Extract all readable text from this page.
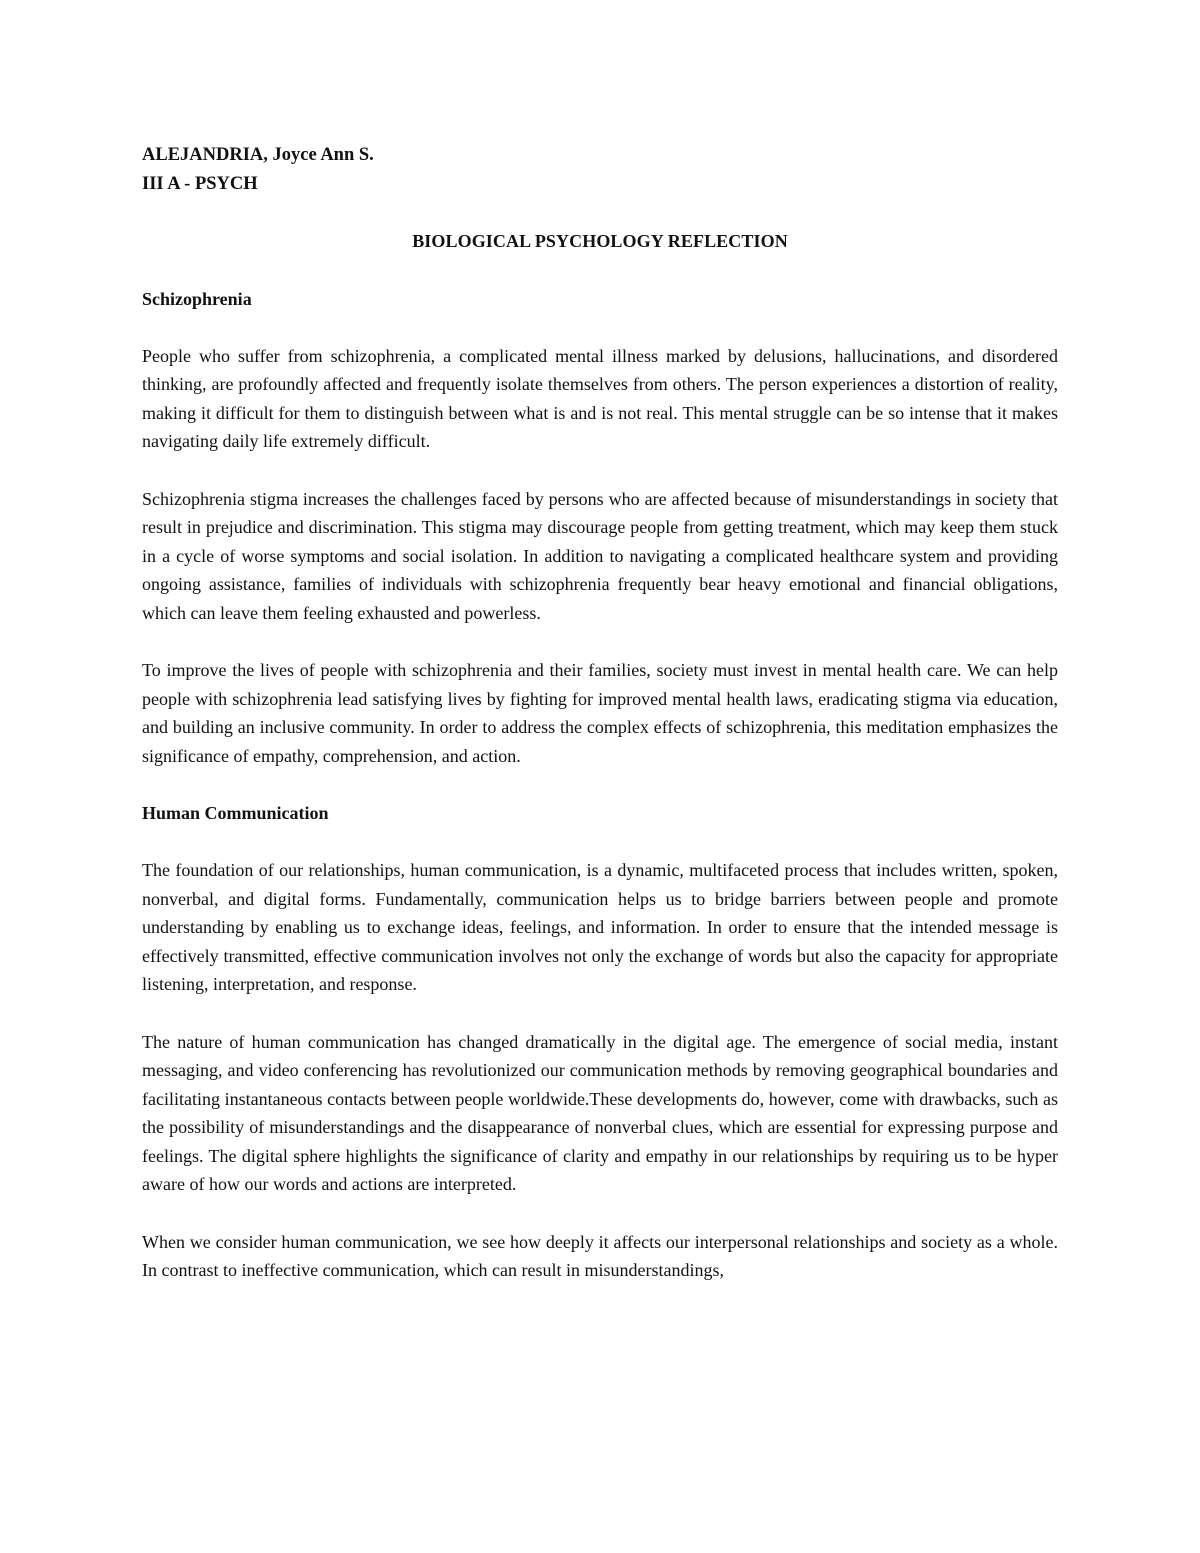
ALEJANDRIA, Joyce Ann S.
III A - PSYCH
BIOLOGICAL PSYCHOLOGY REFLECTION
Schizophrenia

People who suffer from schizophrenia, a complicated mental illness marked by delusions, hallucinations, and disordered thinking, are profoundly affected and frequently isolate themselves from others. The person experiences a distortion of reality, making it difficult for them to distinguish between what is and is not real. This mental struggle can be so intense that it makes navigating daily life extremely difficult.

Schizophrenia stigma increases the challenges faced by persons who are affected because of misunderstandings in society that result in prejudice and discrimination. This stigma may discourage people from getting treatment, which may keep them stuck in a cycle of worse symptoms and social isolation. In addition to navigating a complicated healthcare system and providing ongoing assistance, families of individuals with schizophrenia frequently bear heavy emotional and financial obligations, which can leave them feeling exhausted and powerless.

To improve the lives of people with schizophrenia and their families, society must invest in mental health care. We can help people with schizophrenia lead satisfying lives by fighting for improved mental health laws, eradicating stigma via education, and building an inclusive community. In order to address the complex effects of schizophrenia, this meditation emphasizes the significance of empathy, comprehension, and action.

Human Communication

The foundation of our relationships, human communication, is a dynamic, multifaceted process that includes written, spoken, nonverbal, and digital forms. Fundamentally, communication helps us to bridge barriers between people and promote understanding by enabling us to exchange ideas, feelings, and information. In order to ensure that the intended message is effectively transmitted, effective communication involves not only the exchange of words but also the capacity for appropriate listening, interpretation, and response.

The nature of human communication has changed dramatically in the digital age. The emergence of social media, instant messaging, and video conferencing has revolutionized our communication methods by removing geographical boundaries and facilitating instantaneous contacts between people worldwide.These developments do, however, come with drawbacks, such as the possibility of misunderstandings and the disappearance of nonverbal clues, which are essential for expressing purpose and feelings. The digital sphere highlights the significance of clarity and empathy in our relationships by requiring us to be hyper aware of how our words and actions are interpreted.

When we consider human communication, we see how deeply it affects our interpersonal relationships and society as a whole. In contrast to ineffective communication, which can result in misunderstandings,
